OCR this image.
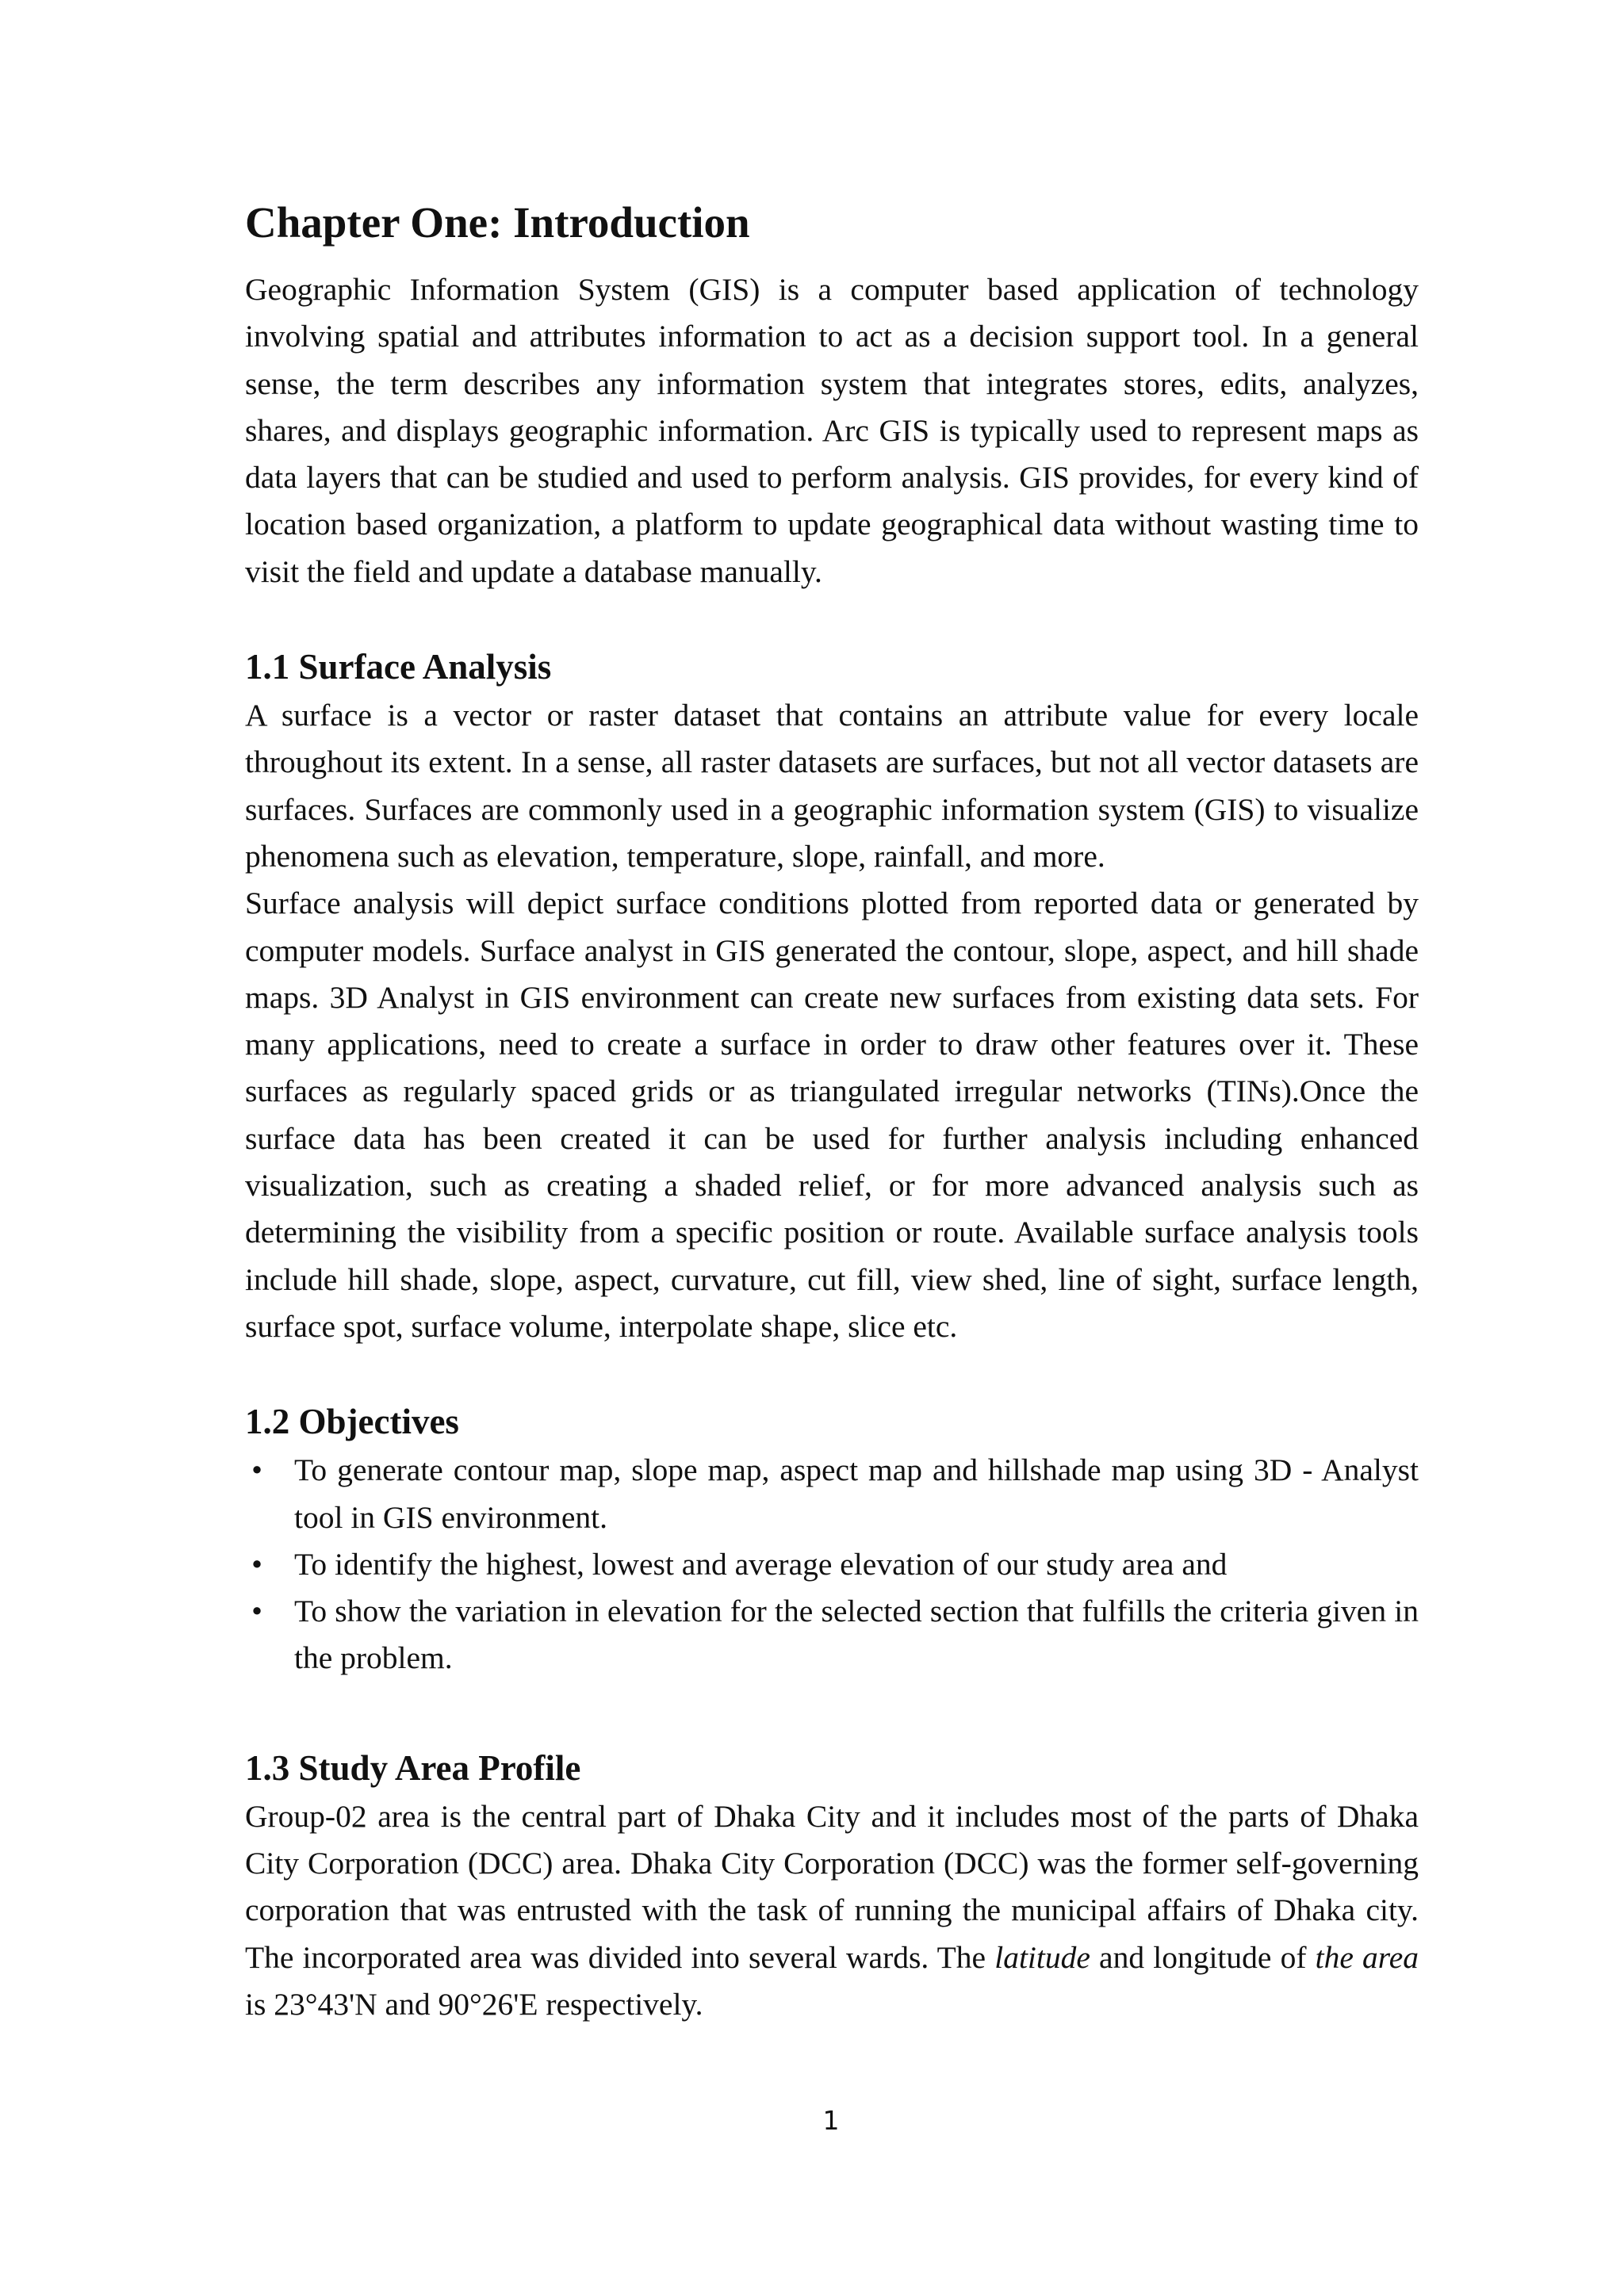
Chapter One: Introduction

Geographic Information System (GIS) is a computer based application of technology involving spatial and attributes information to act as a decision support tool. In a general sense, the term describes any information system that integrates stores, edits, analyzes, shares, and displays geographic information. Arc GIS is typically used to represent maps as data layers that can be studied and used to perform analysis. GIS provides, for every kind of location based organization, a platform to update geographical data without wasting time to visit the field and update a database manually.

1.1 Surface Analysis

A surface is a vector or raster dataset that contains an attribute value for every locale throughout its extent. In a sense, all raster datasets are surfaces, but not all vector datasets are surfaces. Surfaces are commonly used in a geographic information system (GIS) to visualize phenomena such as elevation, temperature, slope, rainfall, and more.

Surface analysis will depict surface conditions plotted from reported data or generated by computer models. Surface analyst in GIS generated the contour, slope, aspect, and hill shade maps. 3D Analyst in GIS environment can create new surfaces from existing data sets. For many applications, need to create a surface in order to draw other features over it. These surfaces as regularly spaced grids or as triangulated irregular networks (TINs).Once the surface data has been created it can be used for further analysis including enhanced visualization, such as creating a shaded relief, or for more advanced analysis such as determining the visibility from a specific position or route. Available surface analysis tools include hill shade, slope, aspect, curvature, cut fill, view shed, line of sight, surface length, surface spot, surface volume, interpolate shape, slice etc.

1.2 Objectives
• To generate contour map, slope map, aspect map and hillshade map using 3D - Analyst tool in GIS environment.
• To identify the highest, lowest and average elevation of our study area and
• To show the variation in elevation for the selected section that fulfills the criteria given in the problem.
1.3 Study Area Profile

Group-02 area is the central part of Dhaka City and it includes most of the parts of Dhaka City Corporation (DCC) area. Dhaka City Corporation (DCC) was the former self-governing corporation that was entrusted with the task of running the municipal affairs of Dhaka city. The incorporated area was divided into several wards. The latitude and longitude of the area is 23°43'N and 90°26'E respectively.

1
